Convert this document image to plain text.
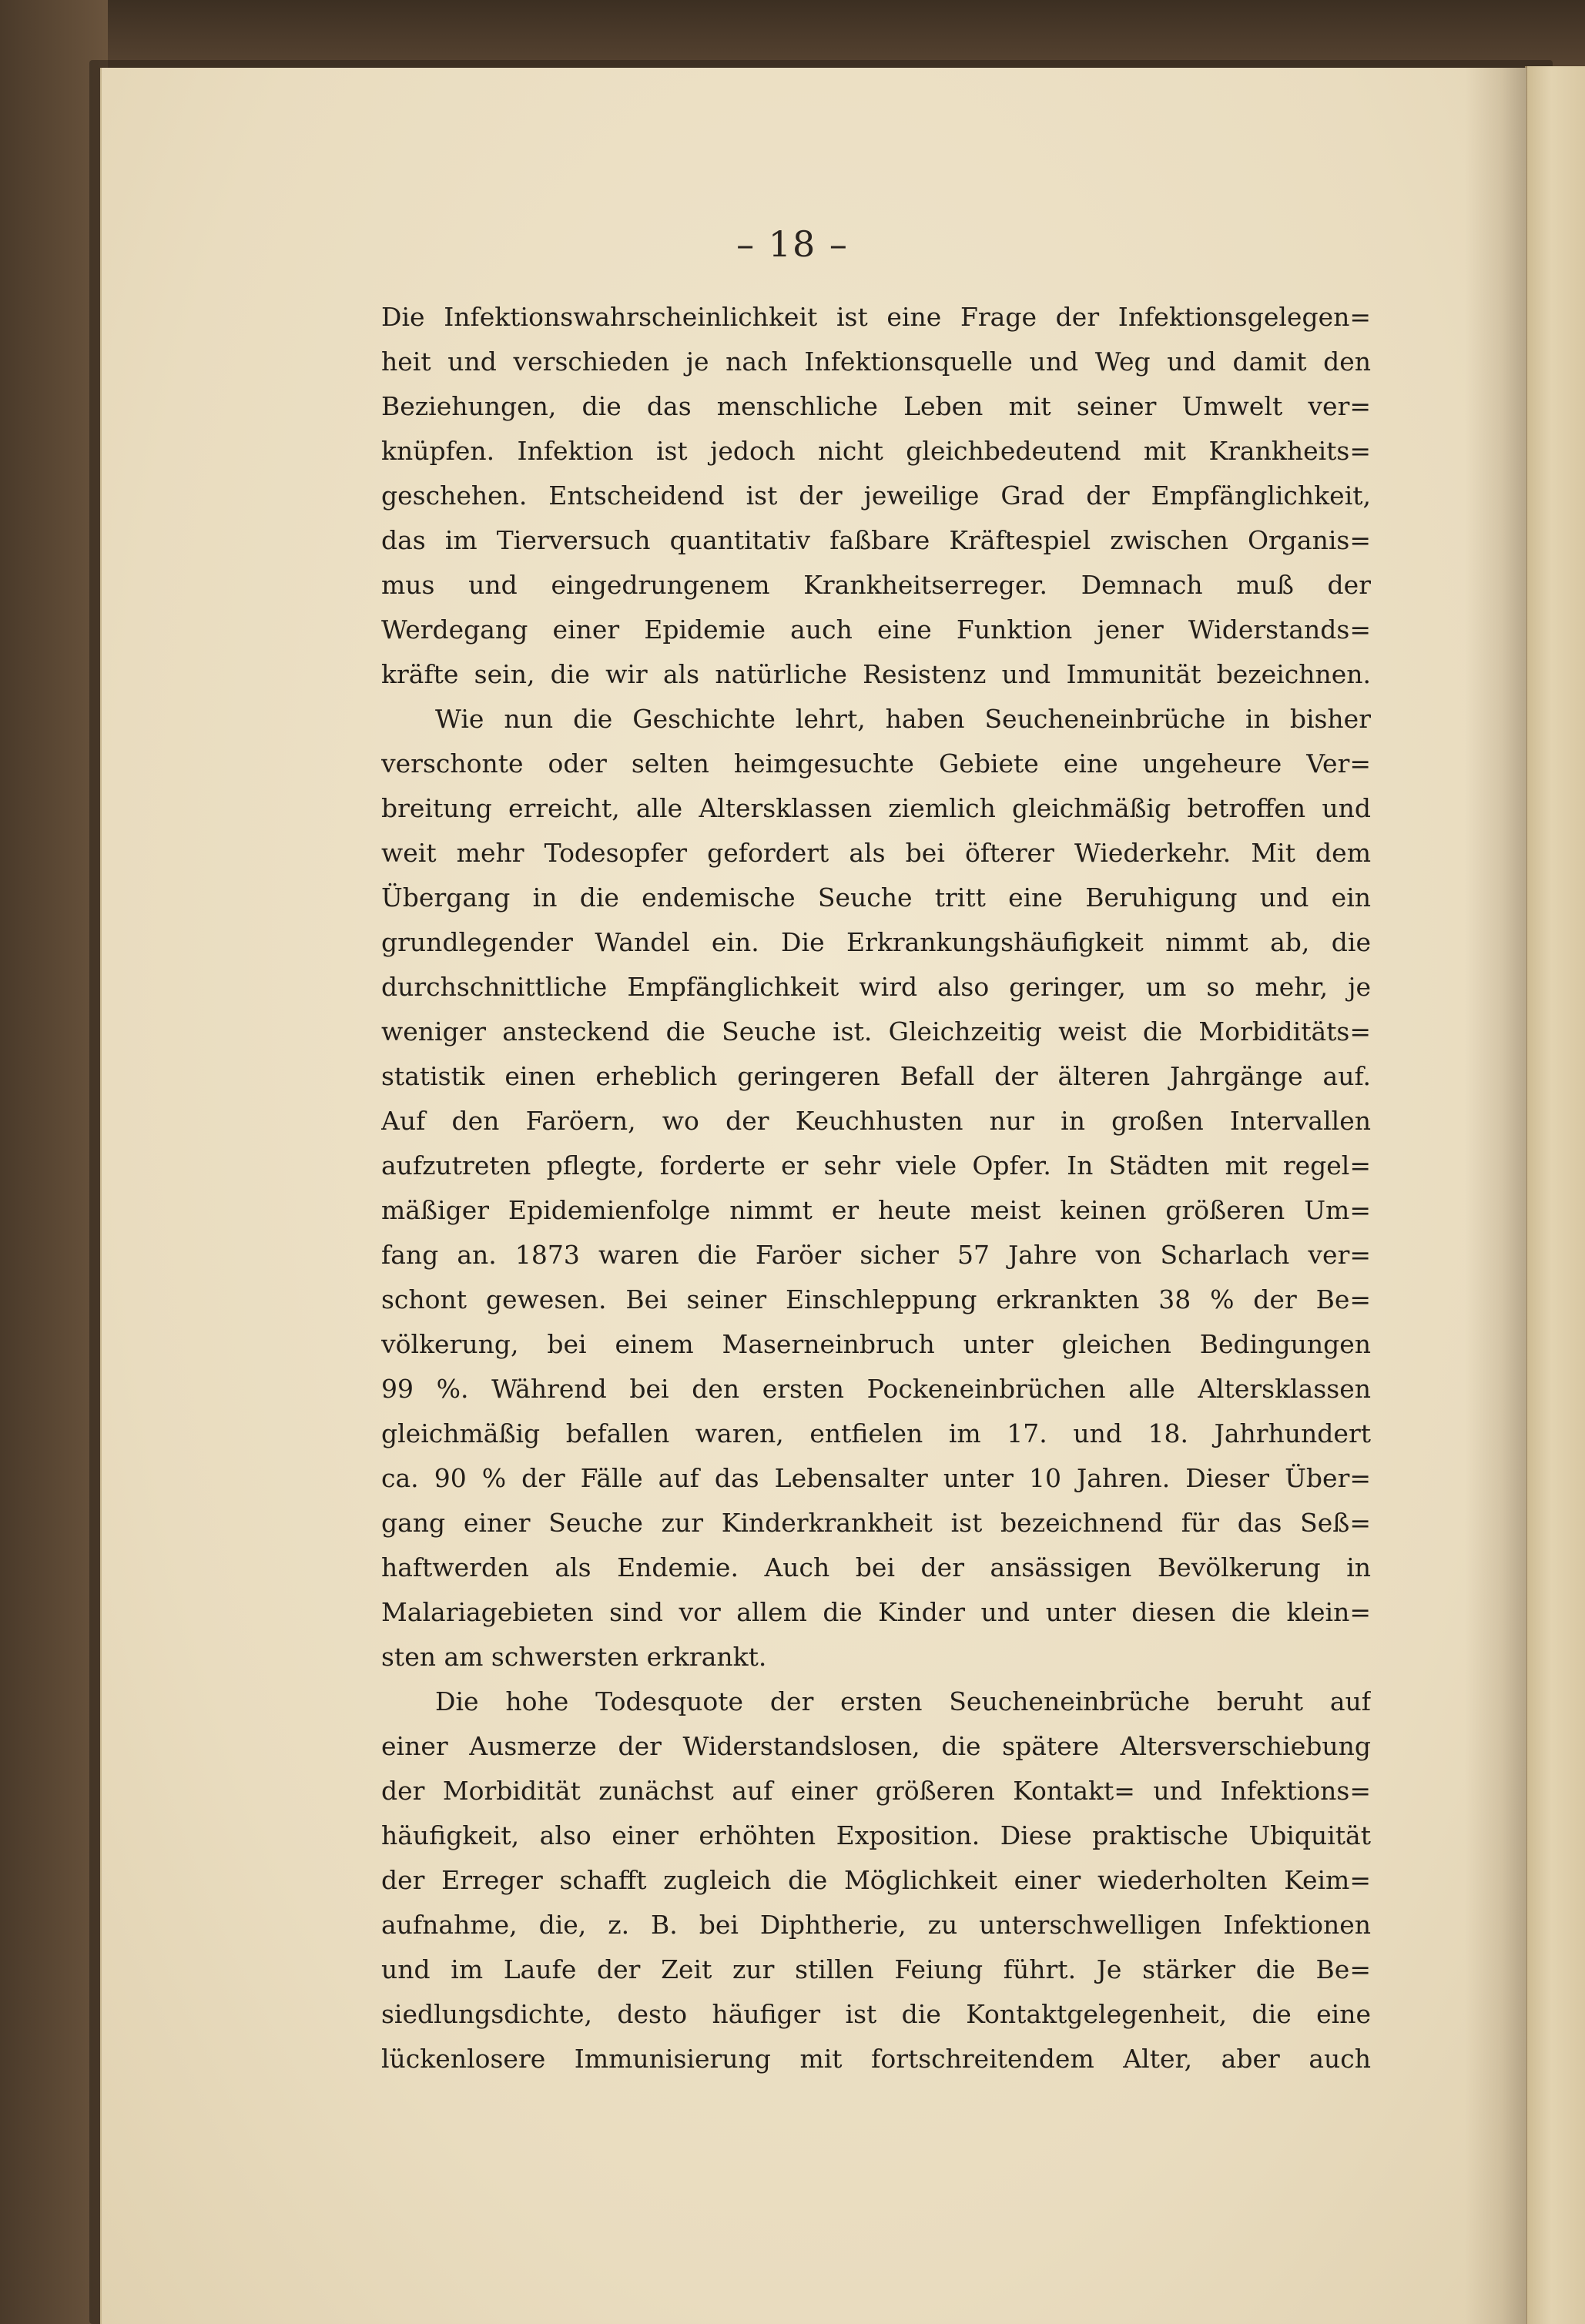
– 18 –
Die Infektionswahrscheinlichkeit ist eine Frage der Infektionsgelegen=
heit und verschieden je nach Infektionsquelle und Weg und damit den
Beziehungen, die das menschliche Leben mit seiner Umwelt ver=
knüpfen. Infektion ist jedoch nicht gleichbedeutend mit Krankheits=
geschehen. Entscheidend ist der jeweilige Grad der Empfänglichkeit,
das im Tierversuch quantitativ faßbare Kräftespiel zwischen Organis=
mus und eingedrungenem Krankheitserreger. Demnach muß der
Werdegang einer Epidemie auch eine Funktion jener Widerstands=
kräfte sein, die wir als natürliche Resistenz und Immunität bezeichnen.
Wie nun die Geschichte lehrt, haben Seucheneinbrüche in bisher
verschonte oder selten heimgesuchte Gebiete eine ungeheure Ver=
breitung erreicht, alle Altersklassen ziemlich gleichmäßig betroffen und
weit mehr Todesopfer gefordert als bei öfterer Wiederkehr. Mit dem
Übergang in die endemische Seuche tritt eine Beruhigung und ein
grundlegender Wandel ein. Die Erkrankungshäufigkeit nimmt ab, die
durchschnittliche Empfänglichkeit wird also geringer, um so mehr, je
weniger ansteckend die Seuche ist. Gleichzeitig weist die Morbiditäts=
statistik einen erheblich geringeren Befall der älteren Jahrgänge auf.
Auf den Faröern, wo der Keuchhusten nur in großen Intervallen
aufzutreten pflegte, forderte er sehr viele Opfer. In Städten mit regel=
mäßiger Epidemienfolge nimmt er heute meist keinen größeren Um=
fang an. 1873 waren die Faröer sicher 57 Jahre von Scharlach ver=
schont gewesen. Bei seiner Einschleppung erkrankten 38 % der Be=
völkerung, bei einem Maserneinbruch unter gleichen Bedingungen
99 %. Während bei den ersten Pockeneinbrüchen alle Altersklassen
gleichmäßig befallen waren, entfielen im 17. und 18. Jahrhundert
ca. 90 % der Fälle auf das Lebensalter unter 10 Jahren. Dieser Über=
gang einer Seuche zur Kinderkrankheit ist bezeichnend für das Seß=
haftwerden als Endemie. Auch bei der ansässigen Bevölkerung in
Malariagebieten sind vor allem die Kinder und unter diesen die klein=
sten am schwersten erkrankt.
Die hohe Todesquote der ersten Seucheneinbrüche beruht auf
einer Ausmerze der Widerstandslosen, die spätere Altersverschiebung
der Morbidität zunächst auf einer größeren Kontakt= und Infektions=
häufigkeit, also einer erhöhten Exposition. Diese praktische Ubiquität
der Erreger schafft zugleich die Möglichkeit einer wiederholten Keim=
aufnahme, die, z. B. bei Diphtherie, zu unterschwelligen Infektionen
und im Laufe der Zeit zur stillen Feiung führt. Je stärker die Be=
siedlungsdichte, desto häufiger ist die Kontaktgelegenheit, die eine
lückenlosere Immunisierung mit fortschreitendem Alter, aber auch
